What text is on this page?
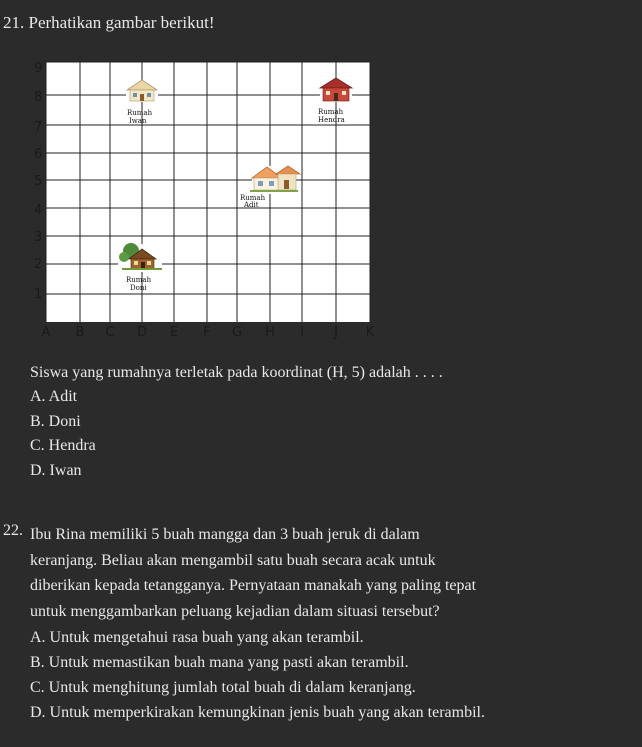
21. Perhatikan gambar berikut!
9
8
7
6
5
4
3
2
1
A B C D E F G H I J K
Rumah
Iwan
Rumah
Hendra
Rumah
Adit
Rumah
Doni
Siswa yang rumahnya terletak pada koordinat (H, 5) adalah . . . .
A. Adit
B. Doni
C. Hendra
D. Iwan
22. Ibu Rina memiliki 5 buah mangga dan 3 buah jeruk di dalam
keranjang. Beliau akan mengambil satu buah secara acak untuk
diberikan kepada tetangganya. Pernyataan manakah yang paling tepat
untuk menggambarkan peluang kejadian dalam situasi tersebut?
A. Untuk mengetahui rasa buah yang akan terambil.
B. Untuk memastikan buah mana yang pasti akan terambil.
C. Untuk menghitung jumlah total buah di dalam keranjang.
D. Untuk memperkirakan kemungkinan jenis buah yang akan terambil.
